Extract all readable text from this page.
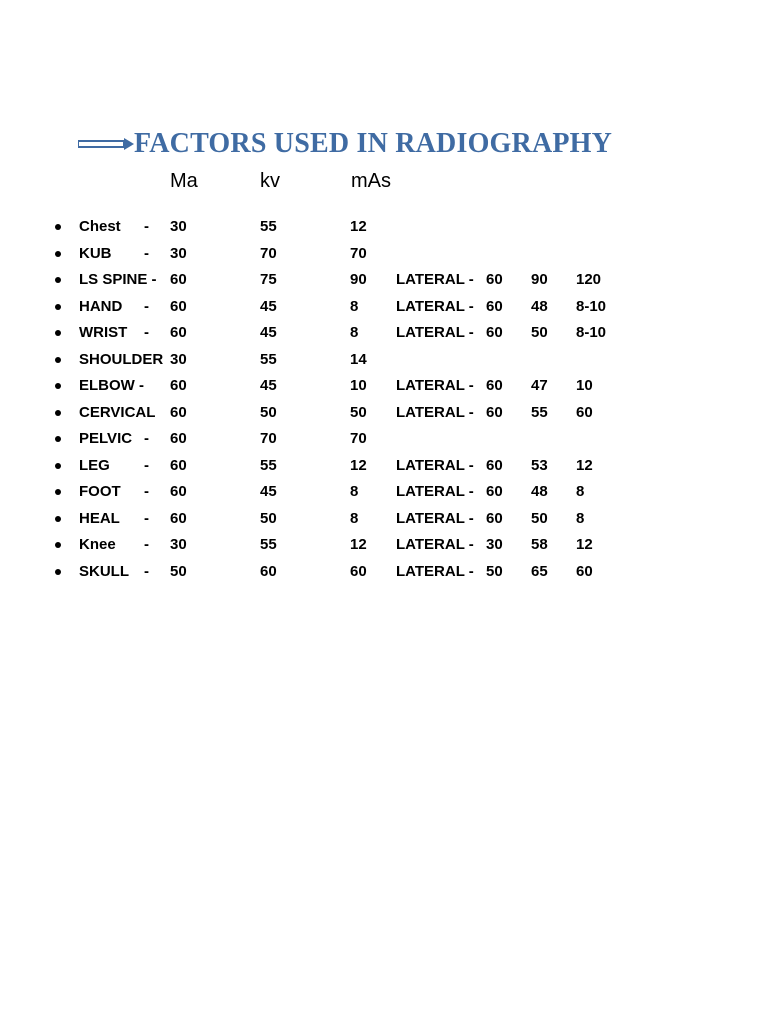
FACTORS USED IN RADIOGRAPHY
Ma	kv	mAs
Chest - 30	55	12
KUB - 30	70	70
LS SPINE - 60	75	90 LATERAL - 60 90 120
HAND - 60	45	8	LATERAL - 60 48 8-10
WRIST - 60	45	8	LATERAL - 60 50 8-10
SHOULDER 30	55	14
ELBOW - 60	45	10 LATERAL - 60 47 10
CERVICAL 60	50	50 LATERAL - 60 55 60
PELVIC - 60	70	70
LEG - 60	55	12 LATERAL - 60 53 12
FOOT - 60	45	8	LATERAL - 60 48 8
HEAL - 60	50	8	LATERAL - 60 50 8
Knee - 30	55	12 LATERAL - 30 58 12
SKULL - 50	60	60 LATERAL - 50 65 60
